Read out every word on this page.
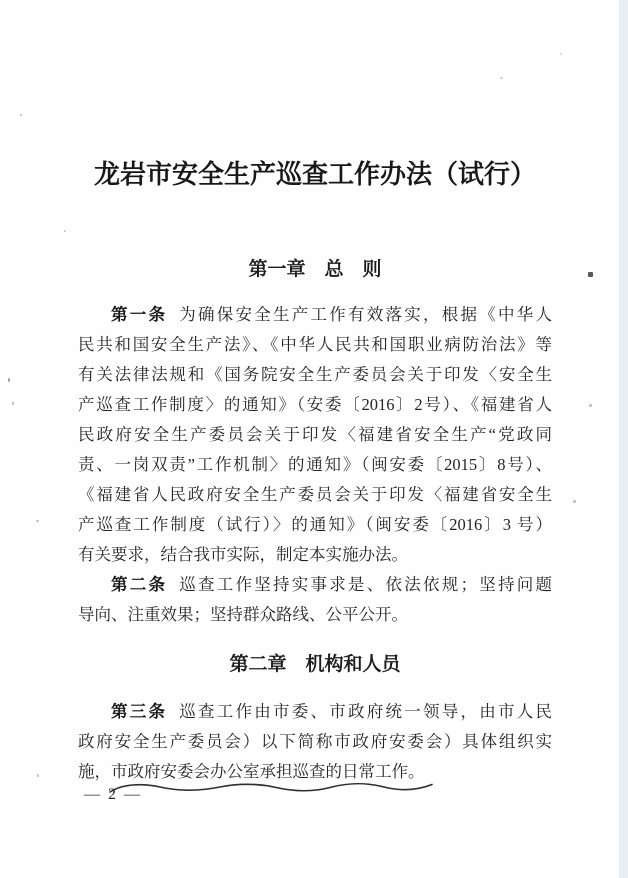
龙岩市安全生产巡查工作办法（试行）
第一章　总　则
第一条 为确保安全生产工作有效落实，根据《中华人
民共和国安全生产法》、《中华人民共和国职业病防治法》等
有关法律法规和《国务院安全生产委员会关于印发〈安全生
产巡查工作制度〉的通知》（安委〔2016〕2号）、《福建省人
民政府安全生产委员会关于印发〈福建省安全生产“党政同
责、一岗双责”工作机制〉的通知》（闽安委〔2015〕8号）、
《福建省人民政府安全生产委员会关于印发〈福建省安全生
产巡查工作制度（试行）〉的通知》（闽安委〔2016〕3 号）
有关要求，结合我市实际，制定本实施办法。
第二条 巡查工作坚持实事求是、依法依规；坚持问题
导向、注重效果；坚持群众路线、公平公开。
第二章　机构和人员
第三条 巡查工作由市委、市政府统一领导，由市人民
政府安全生产委员会）以下简称市政府安委会）具体组织实
施，市政府安委会办公室承担巡查的日常工作。
— 2 —
